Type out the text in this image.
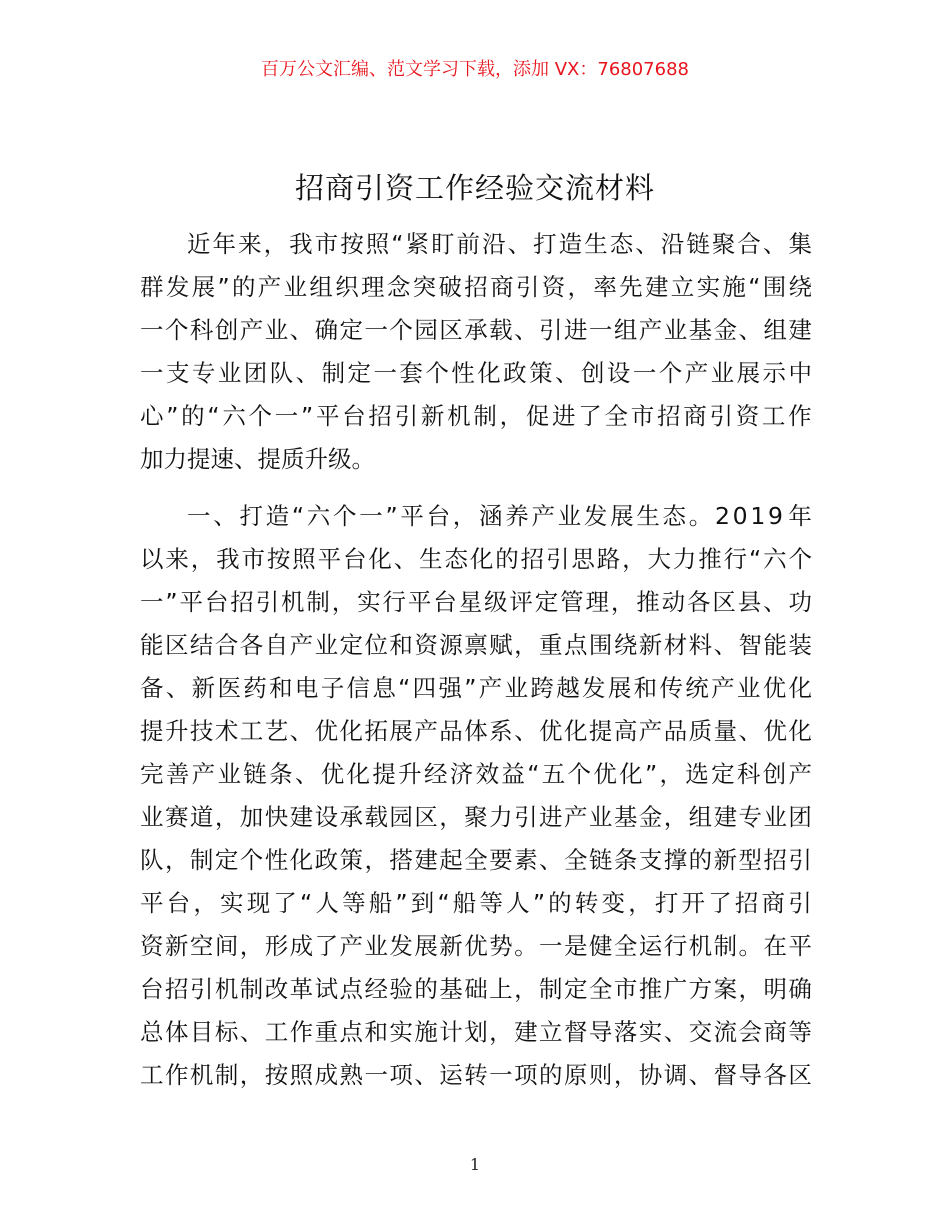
百万公文汇编、范文学习下载，添加 VX：76807688
招商引资工作经验交流材料
近 年 来 ， 我 市 按 照 “ 紧 盯 前 沿 、 打 造 生 态 、 沿 链 聚 合 、 集
群 发 展 ” 的 产 业 组 织 理 念 突 破 招 商 引 资 ， 率 先 建 立 实 施 “ 围 绕
一 个 科 创 产 业 、 确 定 一 个 园 区 承 载 、 引 进 一 组 产 业 基 金 、 组 建
一 支 专 业 团 队 、 制 定 一 套 个 性 化 政 策 、 创 设 一 个 产 业 展 示 中
心 ” 的 “ 六 个 一 ” 平 台 招 引 新 机 制 ， 促 进 了 全 市 招 商 引 资 工 作
加力提速、提质升级。
一 、 打 造 “ 六 个 一 ” 平 台 ， 涵 养 产 业 发 展 生 态 。 2 0 1 9 年
以 来 ， 我 市 按 照 平 台 化 、 生 态 化 的 招 引 思 路 ， 大 力 推 行 “ 六 个
一 ” 平 台 招 引 机 制 ， 实 行 平 台 星 级 评 定 管 理 ， 推 动 各 区 县 、 功
能 区 结 合 各 自 产 业 定 位 和 资 源 禀 赋 ， 重 点 围 绕 新 材 料 、 智 能 装
备 、 新 医 药 和 电 子 信 息 “ 四 强 ” 产 业 跨 越 发 展 和 传 统 产 业 优 化
提 升 技 术 工 艺 、 优 化 拓 展 产 品 体 系 、 优 化 提 高 产 品 质 量 、 优 化
完 善 产 业 链 条 、 优 化 提 升 经 济 效 益 “ 五 个 优 化 ” ， 选 定 科 创 产
业 赛 道 ， 加 快 建 设 承 载 园 区 ， 聚 力 引 进 产 业 基 金 ， 组 建 专 业 团
队 ， 制 定 个 性 化 政 策 ， 搭 建 起 全 要 素 、 全 链 条 支 撑 的 新 型 招 引
平 台 ， 实 现 了 “ 人 等 船 ” 到 “ 船 等 人 ” 的 转 变 ， 打 开 了 招 商 引
资 新 空 间 ， 形 成 了 产 业 发 展 新 优 势 。 一 是 健 全 运 行 机 制 。 在 平
台 招 引 机 制 改 革 试 点 经 验 的 基 础 上 ， 制 定 全 市 推 广 方 案 ， 明 确
总 体 目 标 、 工 作 重 点 和 实 施 计 划 ， 建 立 督 导 落 实 、 交 流 会 商 等
工 作 机 制 ， 按 照 成 熟 一 项 、 运 转 一 项 的 原 则 ， 协 调 、 督 导 各 区
1
